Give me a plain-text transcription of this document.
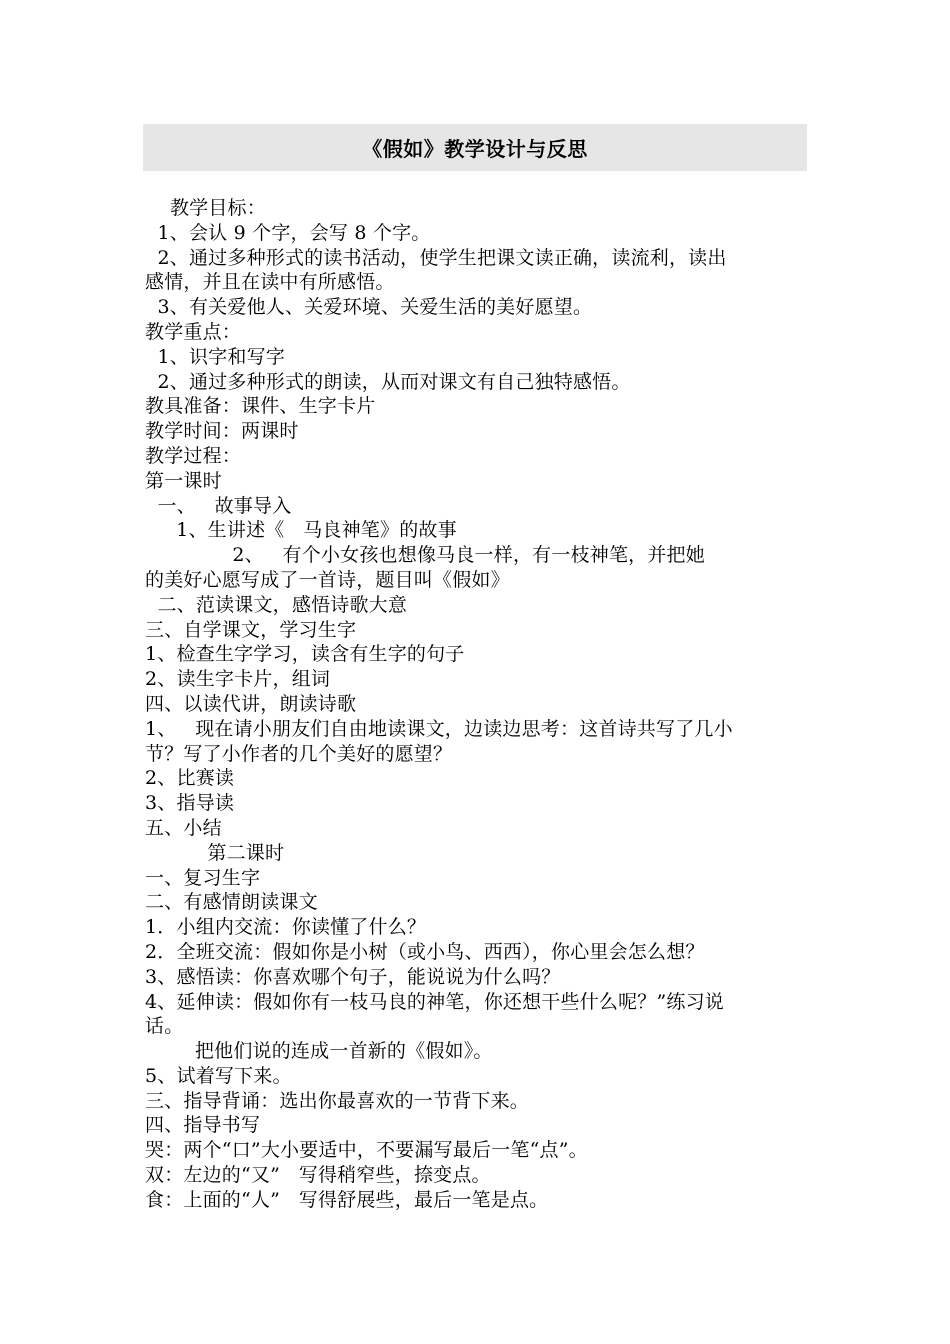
《假如》教学设计与反思
教学目标：
1、会认 9 个字，会写 8 个字。
2、通过多种形式的读书活动，使学生把课文读正确，读流利，读出
感情，并且在读中有所感悟。
3、有关爱他人、关爱环境、关爱生活的美好愿望。
教学重点：
1、识字和写字
2、通过多种形式的朗读，从而对课文有自己独特感悟。
教具准备：课件、生字卡片
教学时间：两课时
教学过程：
第一课时
一、   故事导入
1、生讲述《   马良神笔》的故事
2、   有个小女孩也想像马良一样，有一枝神笔，并把她
的美好心愿写成了一首诗，题目叫《假如》
二、范读课文，感悟诗歌大意
三、自学课文，学习生字
1、检查生字学习，读含有生字的句子
2、读生字卡片，组词
四、以读代讲，朗读诗歌
1、   现在请小朋友们自由地读课文，边读边思考：这首诗共写了几小
节？写了小作者的几个美好的愿望？
2、比赛读
3、指导读
五、小结
第二课时
一、复习生字
二、有感情朗读课文
1．小组内交流：你读懂了什么？
2．全班交流：假如你是小树（或小鸟、西西），你心里会怎么想？
3、感悟读：你喜欢哪个句子，能说说为什么吗？
4、延伸读：假如你有一枝马良的神笔，你还想干些什么呢？”练习说
话。
把他们说的连成一首新的《假如》。
5、试着写下来。
三、指导背诵：选出你最喜欢的一节背下来。
四、指导书写
哭：两个“口”大小要适中，不要漏写最后一笔“点”。
双：左边的“又”   写得稍窄些，捺变点。
食：上面的“人”   写得舒展些，最后一笔是点。
